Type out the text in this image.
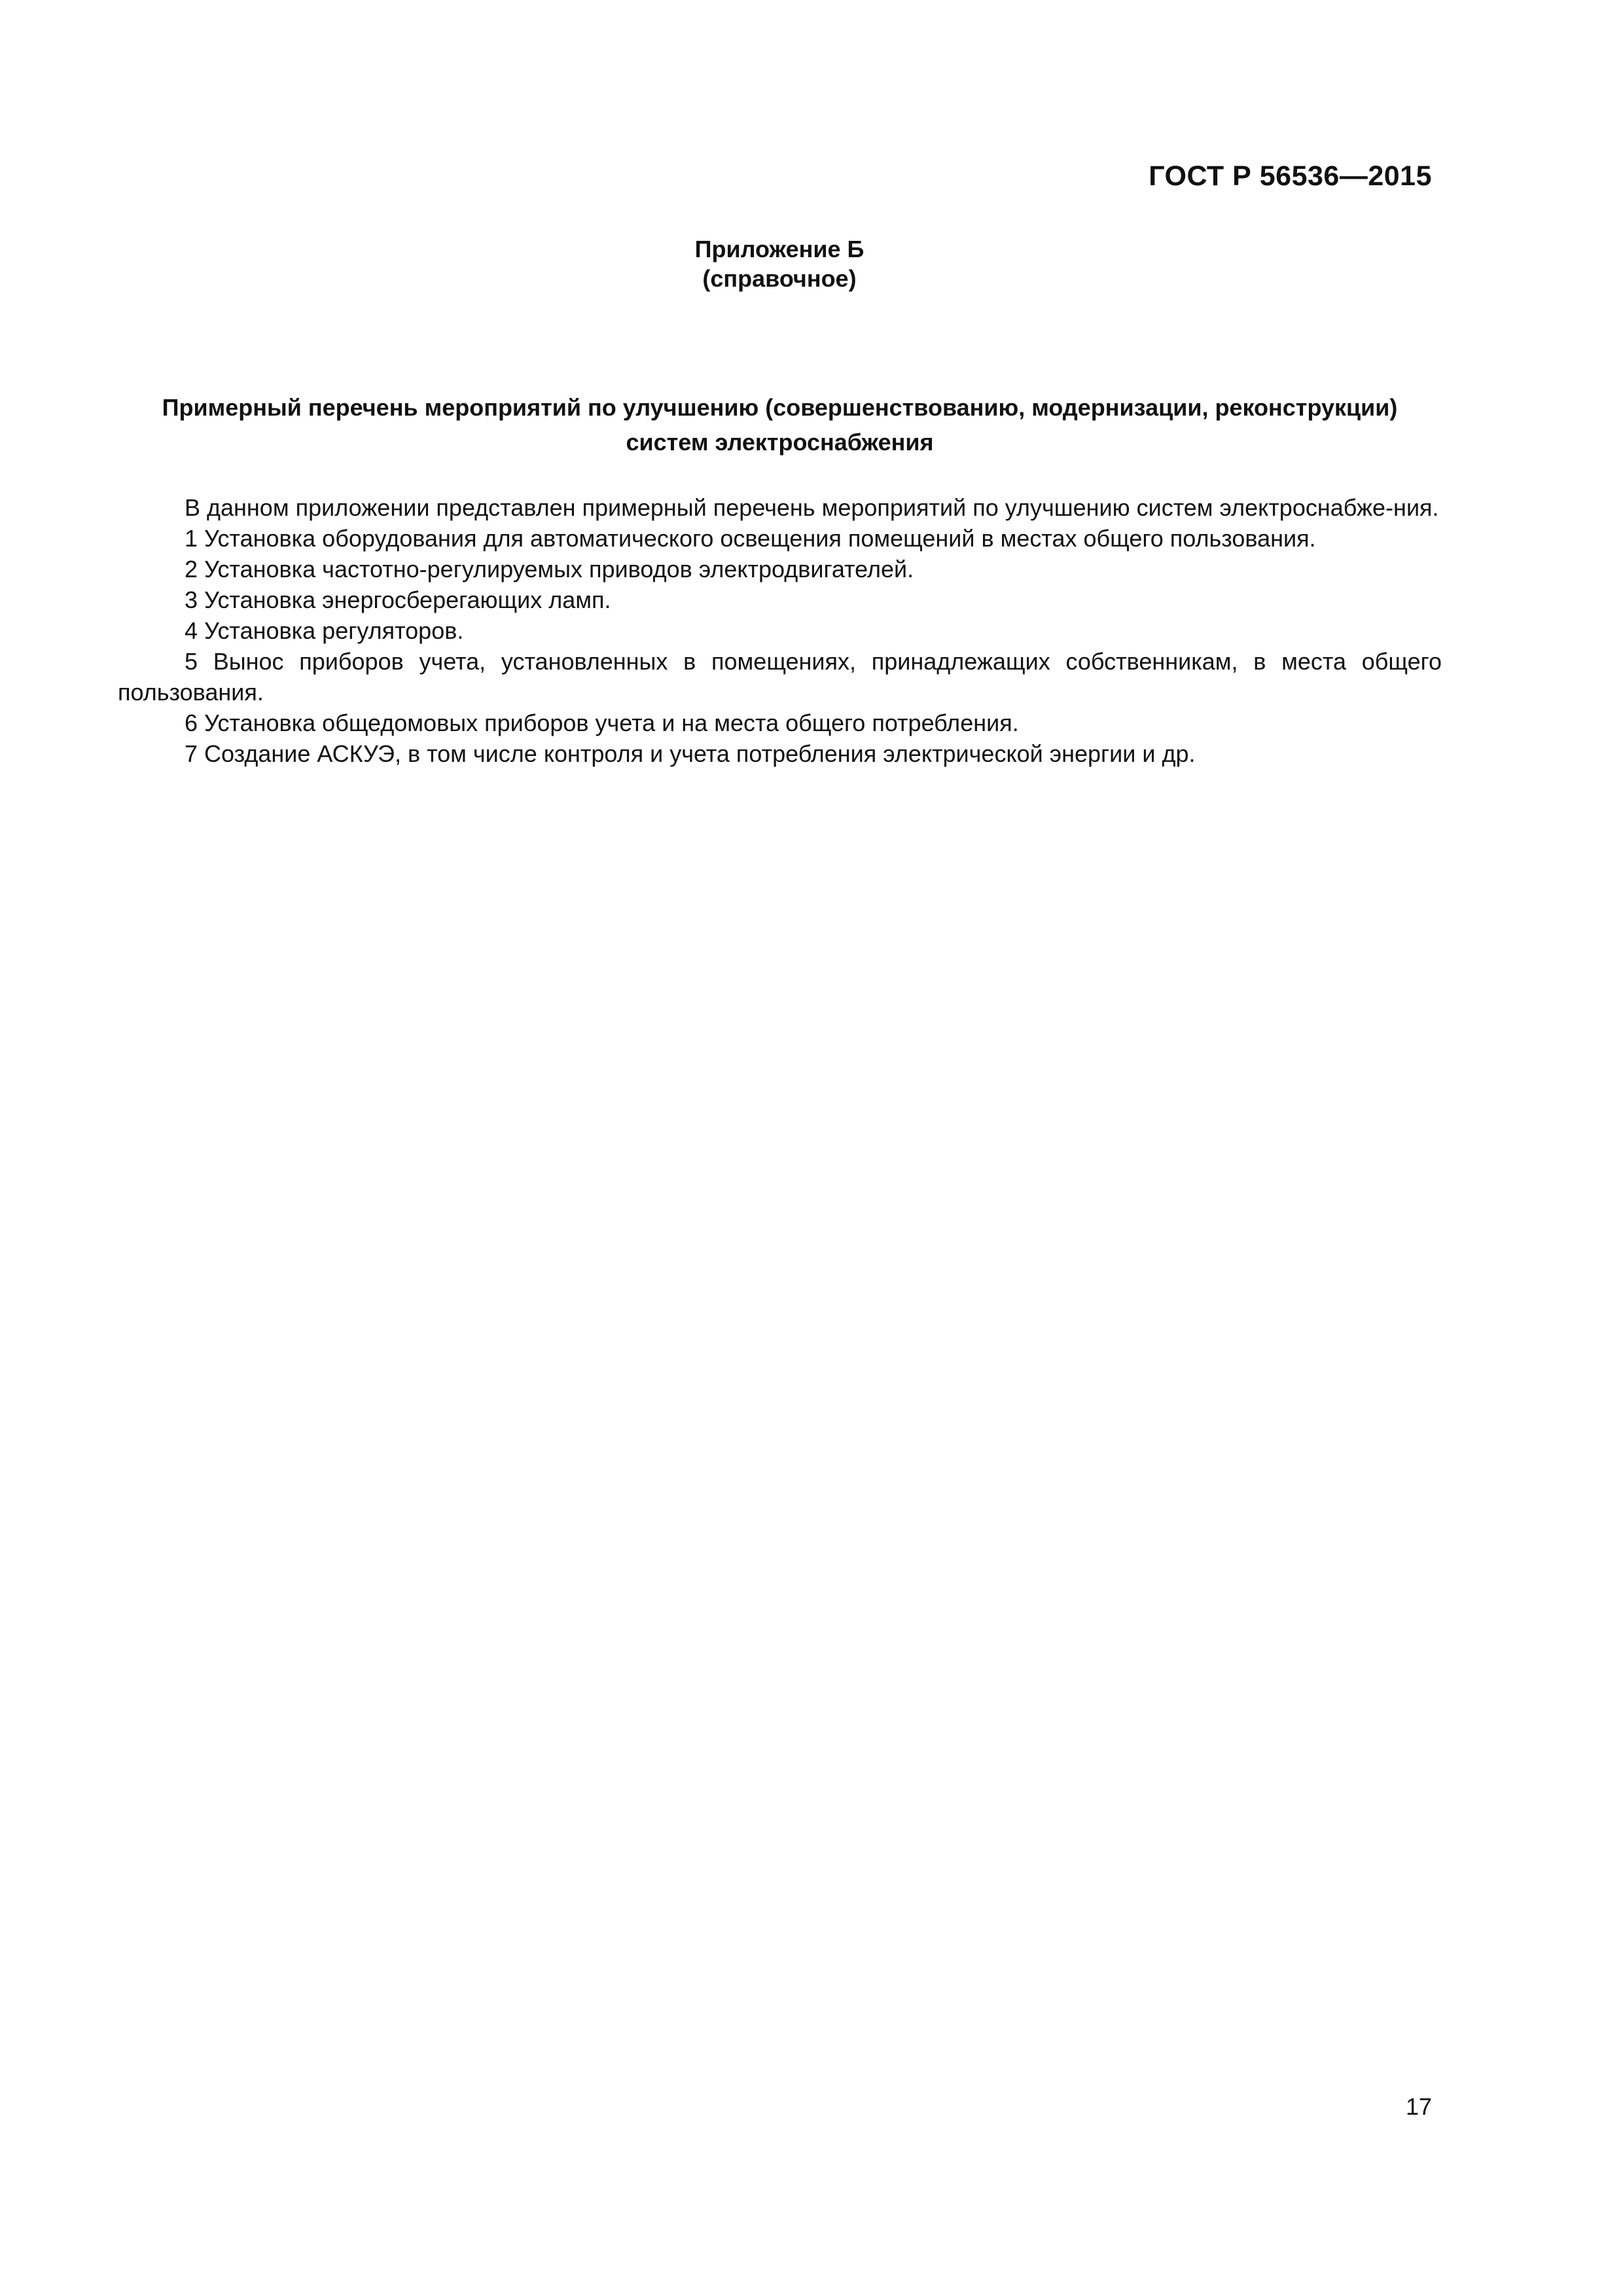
ГОСТ Р 56536—2015
Приложение Б
(справочное)
Примерный перечень мероприятий по улучшению (совершенствованию, модернизации, реконструкции)
систем электроснабжения

В данном приложении представлен примерный перечень мероприятий по улучшению систем электроснабже-ния.

1 Установка оборудования для автоматического освещения помещений в местах общего пользования.

2 Установка частотно-регулируемых приводов электродвигателей.

3 Установка энергосберегающих ламп.

4 Установка регуляторов.

5 Вынос приборов учета, установленных в помещениях, принадлежащих собственникам, в места общего пользования.

6 Установка общедомовых приборов учета и на места общего потребления.

7 Создание АСКУЭ, в том числе контроля и учета потребления электрической энергии и др.

17
